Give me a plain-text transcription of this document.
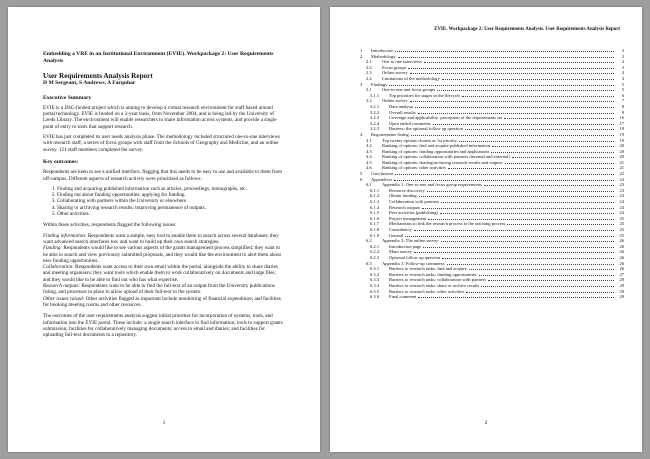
Embedding a VRE in an Institutional Environment (EVIE). Workpackage 2: User Requirements Analysis
User Requirements Analysis Report
D M Sergeant, S Andrews, A Farquhar
Executive Summary

EVIE is a JISC-funded project which is aiming to develop a virtual research environment for staff based around portal technology. EVIE is funded on a 2-year basis, from November 2004, and is being led by the University of Leeds Library. The environment will enable researchers to share information across systems, and provide a single point of entry to tools that support research.

EVIE has just completed its user needs analysis phase. The methodology included structured one-to-one interviews with research staff, a series of focus groups with staff from the Schools of Geography and Medicine, and an online survey. 121 staff members completed the survey.

Key outcomes:

Respondents are keen to see a unified interface, flagging that this needs to be easy to use and available to them from off-campus. Different aspects of research activity were prioritised as follows:

1. Finding and acquiring published information such as articles, proceedings, monographs, etc.
2. Finding out about funding opportunities; applying for funding.
3. Collaborating with partners within the University or elsewhere.
4. Sharing or archiving research results; improving permanence of outputs.
5. Other activities.

Within these activities, respondents flagged the following issues:

Finding information: Respondents want a simple, easy tool to enable them to search across several databases; they want advanced search interfaces too; and want to build up their own search strategies.
Funding: Respondents would like to see various aspects of the grants management process simplified; they want to be able to search and view previously submitted proposals, and they would like the environment to alert them about new funding opportunities.
Collaboration: Respondents want access to their own email within the portal, alongside the ability to share diaries and meeting organisers; they want tools which enable them to work collaboratively on documents and large files; and they would like to be able to find out who has what expertise.
Research outputs: Respondents want to be able to find the full-text of an output from the University publications listing, and processes in place to allow upload of their full-text to the system.
Other issues raised: Other activities flagged as important include monitoring of financial expenditure; and facilities for booking meeting rooms and other resources.

The outcomes of the user requirements analysis suggest initial priorities for incorporation of systems, tools, and information into the EVIE portal. These include: a single search interface to find information; tools to support grants submission; facilities for collaboratively managing documents; access to email and diaries; and facilities for uploading full-text documents to a repository.

1
EVIE. Workpackage 2: User Requirements Analysis. User Requirements Analysis Report
1	Introduction	3
2	Methodology	3
2.1	One to one interviews	3
2.2	Focus groups	3
2.3	Online survey	4
2.4	Limitations of the methodology	4
3	Findings	5
3.1	One-to-one and focus groups	5
3.1.1	Top priorities for stages in the lifecycle	6
3.2	Online survey	7
3.2.1	Data analysis	8
3.2.2	Overall results	9
3.2.3	Coverage and applicability: perception of the requirements set	16
3.2.4	Open ended comments	17
3.2.5	Barriers: the optional follow up question	18
4	Requirements listing	19
4.1	Top twenty options chosen as 1st priority	19
4.2	Ranking of options: find and acquire published information	20
4.3	Ranking of options: funding opportunities and applications	20
4.4	Ranking of options: collaboration with partners (internal and external)	20
4.5	Ranking of options: sharing/archiving research results and outputs	21
4.6	Ranking of options: other activities	21
5	Conclusions	22
6	Appendices	23
6.1	Appendix 1: One-to-one and focus group requirements	23
6.1.1	Resource discovery	23
6.1.2	Obtain funding	23
6.1.3	Collaboration with partners	24
6.1.4	Research outputs	24
6.1.5	Peer activities (publishing)	24
6.1.6	Project management	25
6.1.7	Mechanisms to link the research process to the teaching process	25
6.1.8	Consultancy	25
6.1.9	General	25
6.2	Appendix 2: The online survey	26
6.2.1	Introduction page	26
6.2.2	Main survey	26
6.2.3	Optional follow up question	26
6.3	Appendix 3: Follow-up comments	26
6.3.1	Barriers to research tasks: find and acquire	26
6.3.2	Barriers to research tasks: funding opportunities	27
6.3.3	Barriers to research tasks: collaboration with partners	28
6.3.4	Barriers to research tasks: share or archive results	29
6.3.5	Barriers to research tasks: other activities	29
6.3.6	Final comment	29
2
